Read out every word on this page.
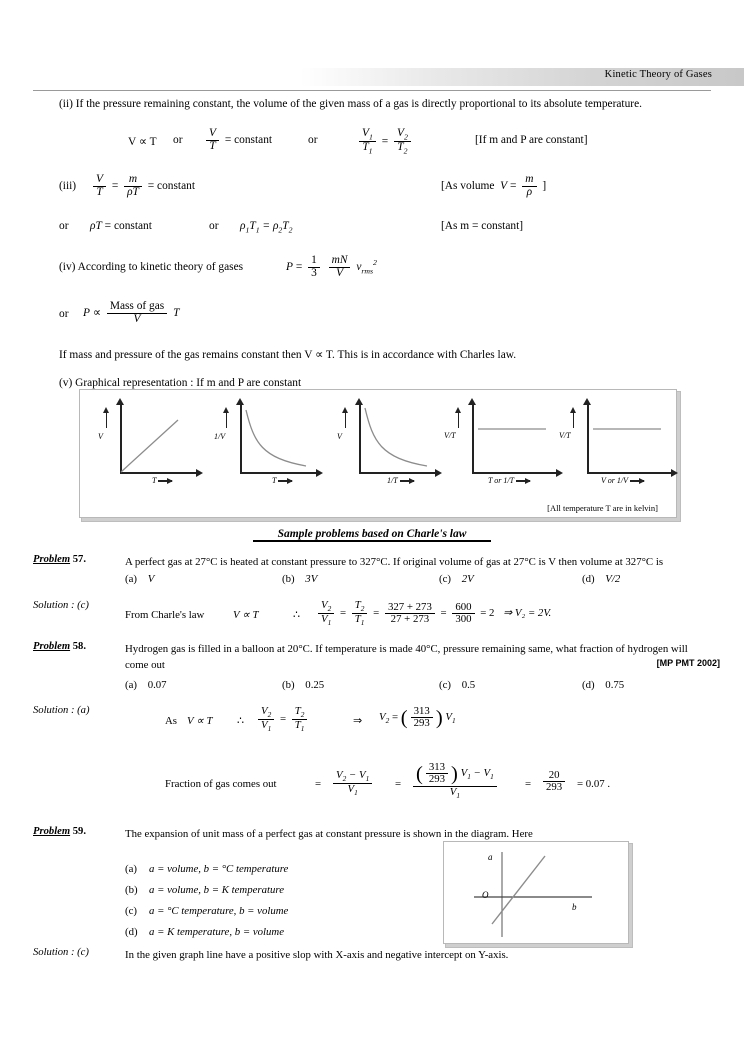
Kinetic Theory of Gases

(ii) If the pressure remaining constant, the volume of the given mass of a gas is directly proportional to its absolute temperature.

V ∝ T or $\frac{V}{T}$ = constant	or	$\frac{V_1}{T_1} = \frac{V_2}{T_2}$	[If m and P are constant]
$(iii) \frac{V}{T} = \frac{m}{\rho T}$ = constant	[As volume  $V = \frac{m}{\rho}$ ]
or ρT = constant	or $\rho_1T_1 = \rho_2T_2$	[As m = constant]
(iv) According to kinetic theory of gases	$P = \frac{1}{3}$
$\frac{mN}{V} v_{rms}^2$
or $P \propto \frac{\text{Mass of gas}}{V}$ T

If mass and pressure of the gas remains constant then V ∝ T. This is in accordance with Charles law.

(v) Graphical representation : If m and P are constant

V
T
1/V
T
V
1/T
V/T
T or 1/T
V/T
V or 1/V
[All temperature T are in kelvin]
Sample problems based on Charle's law
Problem 57.	A perfect gas at 27°C is heated at constant pressure to 327°C. If original volume of gas at 27°C is V then volume at 327°C is
(a) V	(b) 3V	(c) 2V	(d) V/2
Solution : (c)
From Charle's law	V ∝ T	∴ $\frac{V_2}{V_1} = \frac{T_2}{T_1} = \frac{327 + 273}{27 + 273} = \frac{600}{300} = 2$ ⇒ V₂ = 2V.
Problem 58.	Hydrogen gas is filled in a balloon at 20°C. If temperature is made 40°C, pressure remaining same, what fraction of hydrogen will come out	[MP PMT 2002]
(a) 0.07	(b) 0.25	(c) 0.5	(d) 0.75
Solution : (a)
As V ∝ T ∴ $\frac{V_2}{V_1} = \frac{T_2}{T_1}$	⇒ $V_2$ = ( $\frac{313}{293}$ ) $V_1$
Fraction of gas comes out	= $\frac{V_2 - V_1}{V_1}$ = ( $\frac{313}{293}$ ) $V_1 - V_1$
$V_1$
= $\frac{20}{293} = 0.07$ .
Problem 59.	The expansion of unit mass of a perfect gas at constant pressure is shown in the diagram. Here
(a) a = volume, b = °C temperature
(b) a = volume, b = K temperature
(c) a = °C temperature, b = volume
(d) a = K temperature, b = volume
a
O
b
Solution : (c)	In the given graph line have a positive slop with X-axis and negative intercept on Y-axis.
